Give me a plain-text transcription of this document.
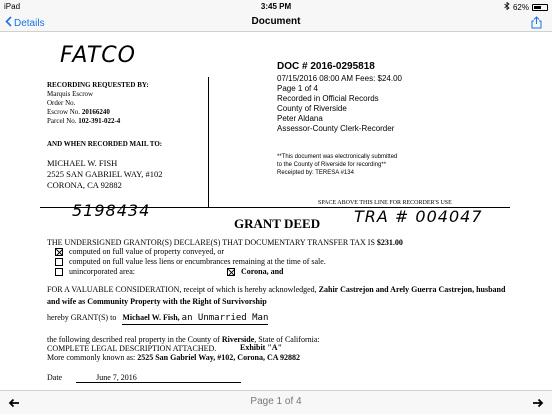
iPad	3:45 PM	62%
Details	Document
FATCO
RECORDING REQUESTED BY:
Marquis Escrow
Order No.
Escrow No. 20166240
Parcel No. 102-391-022-4
AND WHEN RECORDED MAIL TO:
MICHAEL W. FISH
2525 SAN GABRIEL WAY, #102
CORONA, CA 92882
DOC # 2016-0295818
07/15/2016 08:00 AM Fees: $24.00
Page 1 of 4
Recorded in Official Records
County of Riverside
Peter Aldana
Assessor-County Clerk-Recorder
**This document was electronically submitted
to the County of Riverside for recording**
Receipted by: TERESA #134
5198434	SPACE ABOVE THIS LINE FOR RECORDER'S USE
GRANT DEED TRA # 004047
THE UNDERSIGNED GRANTOR(S) DECLARE(S) THAT DOCUMENTARY TRANSFER TAX IS $231.00
computed on full value of property conveyed, or
computed on full value less liens or encumbrances remaining at the time of sale.
unincorporated area:	Corona, and
FOR A VALUABLE CONSIDERATION, receipt of which is hereby acknowledged, Zahir Castrejon and Arely Guerra Castrejon, husband and wife as Community Property with the Right of Survivorship
hereby GRANT(S) to Michael W. Fish, an Unmarried Man
the following described real property in the County of Riverside, State of California:
COMPLETE LEGAL DESCRIPTION ATTACHED.
More commonly known as: 2525 San Gabriel Way, #102, Corona, CA 92882
Exhibit "A"
Date	June 7, 2016
Page 1 of 4
